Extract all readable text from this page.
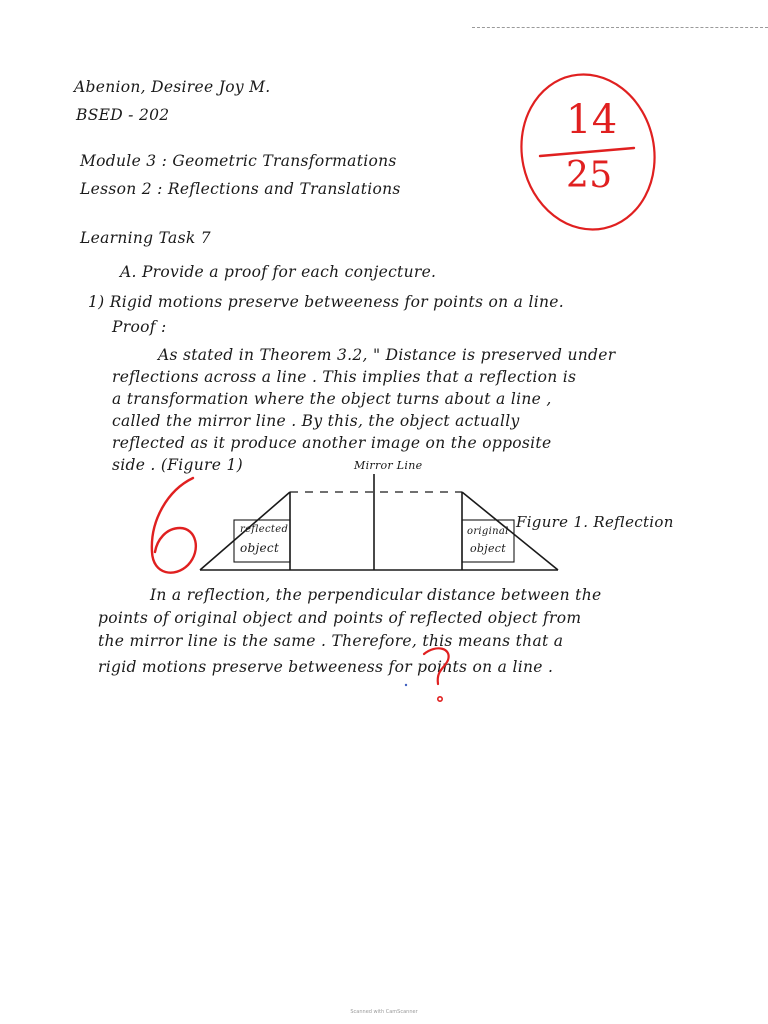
Abenion, Desiree Joy M.
BSED - 202
Module 3 : Geometric Transformations
Lesson 2 : Reflections and Translations
Learning Task 7
A. Provide a proof for each conjecture.
1) Rigid motions preserve betweeness for points on a line.
Proof :
As stated in Theorem 3.2, " Distance is preserved under
reflections across a line . This implies that a reflection is
a transformation where the object turns about a line ,
called the mirror line . By this, the object actually
reflected as it produce another image on the opposite
side . (Figure 1)	Mirror Line
reflected
object
original
object
Figure 1. Reflection
In a reflection, the perpendicular distance between the
points of original object and points of reflected object from
the mirror line is the same . Therefore, this means that a
rigid motions preserve betweeness for points on a line .
14
25
Scanned with CamScanner
